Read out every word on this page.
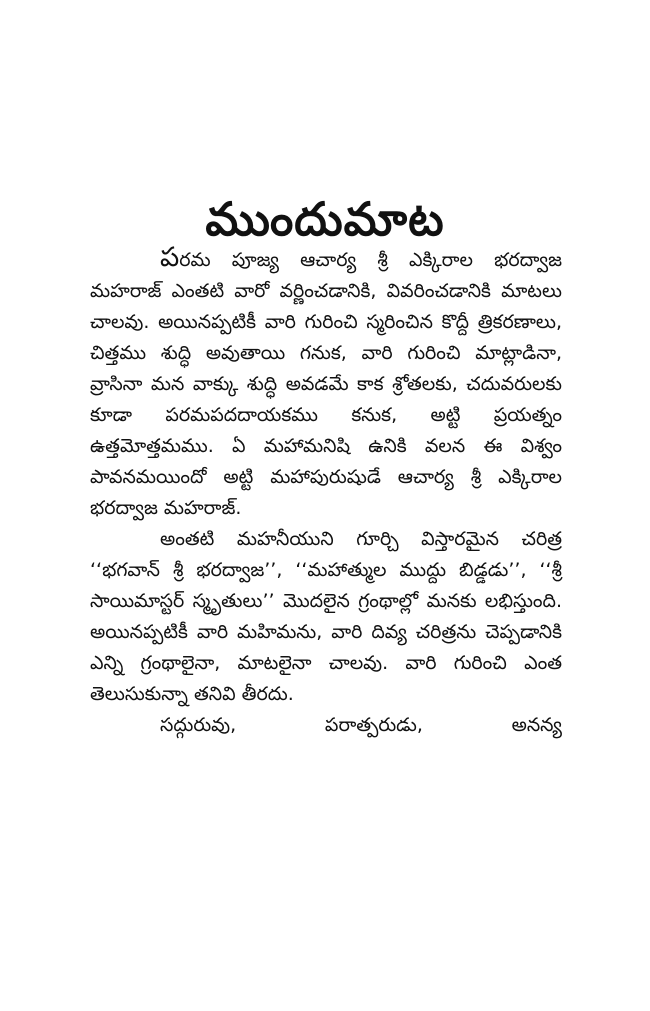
ముందుమాట

పరమ పూజ్య ఆచార్య శ్రీ ఎక్కిరాల భరద్వాజ మహరాజ్ ఎంతటి వారో వర్ణించడానికి, వివరించడానికి మాటలు చాలవు. అయినప్పటికీ వారి గురించి స్మరించిన కొద్దీ త్రికరణాలు, చిత్తము శుద్ధి అవుతాయి గనుక, వారి గురించి మాట్లాడినా, వ్రాసినా మన వాక్కు శుద్ధి అవడమే కాక శ్రోతలకు, చదువరులకు కూడా పరమపదదాయకము కనుక, అట్టి ప్రయత్నం ఉత్తమోత్తమము. ఏ మహామనిషి ఉనికి వలన ఈ విశ్వం పావనమయిందో అట్టి మహాపురుషుడే ఆచార్య శ్రీ ఎక్కిరాల భరద్వాజ మహరాజ్.

అంతటి మహనీయుని గూర్చి విస్తారమైన చరిత్ర ‘‘భగవాన్ శ్రీ భరద్వాజ’’, ‘‘మహాత్ముల ముద్దు బిడ్డడు’’, ‘‘శ్రీ సాయిమాస్టర్ స్మృతులు’’ మొదలైన గ్రంథాల్లో మనకు లభిస్తుంది. అయినప్పటికీ వారి మహిమను, వారి దివ్య చరిత్రను చెప్పడానికి ఎన్ని గ్రంథాలైనా, మాటలైనా చాలవు. వారి గురించి ఎంత తెలుసుకున్నా తనివి తీరదు.

సద్గురువు, పరాత్పరుడు, అనన్య
